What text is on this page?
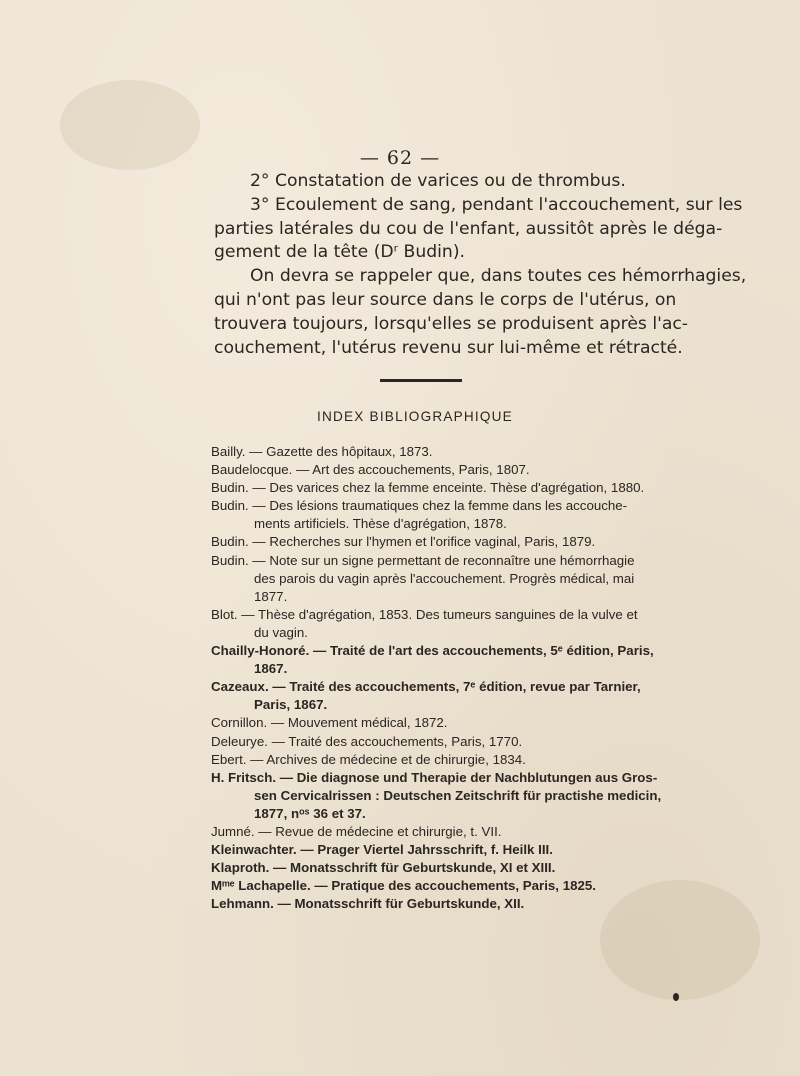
— 62 —

2° Constatation de varices ou de thrombus.

3° Ecoulement de sang, pendant l'accouchement, sur les
parties latérales du cou de l'enfant, aussitôt après le déga-
gement de la tête (Dʳ Budin).

On devra se rappeler que, dans toutes ces hémorrhagies,
qui n'ont pas leur source dans le corps de l'utérus, on
trouvera toujours, lorsqu'elles se produisent après l'ac-
couchement, l'utérus revenu sur lui-même et rétracté.

INDEX BIBLIOGRAPHIQUE
Bailly. — Gazette des hôpitaux, 1873.
Baudelocque. — Art des accouchements, Paris, 1807.
Budin. — Des varices chez la femme enceinte. Thèse d'agrégation, 1880.
Budin. — Des lésions traumatiques chez la femme dans les accouche-
ments artificiels. Thèse d'agrégation, 1878.
Budin. — Recherches sur l'hymen et l'orifice vaginal, Paris, 1879.
Budin. — Note sur un signe permettant de reconnaître une hémorrhagie
des parois du vagin après l'accouchement. Progrès médical, mai
1877.
Blot. — Thèse d'agrégation, 1853. Des tumeurs sanguines de la vulve et
du vagin.
Chailly-Honoré. — Traité de l'art des accouchements, 5ᵉ édition, Paris,
1867.
Cazeaux. — Traité des accouchements, 7ᵉ édition, revue par Tarnier,
Paris, 1867.
Cornillon. — Mouvement médical, 1872.
Deleurye. — Traité des accouchements, Paris, 1770.
Ebert. — Archives de médecine et de chirurgie, 1834.
H. Fritsch. — Die diagnose und Therapie der Nachblutungen aus Gros-
sen Cervicalrissen : Deutschen Zeitschrift für practishe medicin,
1877, nᵒˢ 36 et 37.
Jumné. — Revue de médecine et chirurgie, t. VII.
Kleinwachter. — Prager Viertel Jahrsschrift, f. Heilk III.
Klaproth. — Monatsschrift für Geburtskunde, XI et XIII.
Mᵐᵉ Lachapelle. — Pratique des accouchements, Paris, 1825.
Lehmann. — Monatsschrift für Geburtskunde, XII.
